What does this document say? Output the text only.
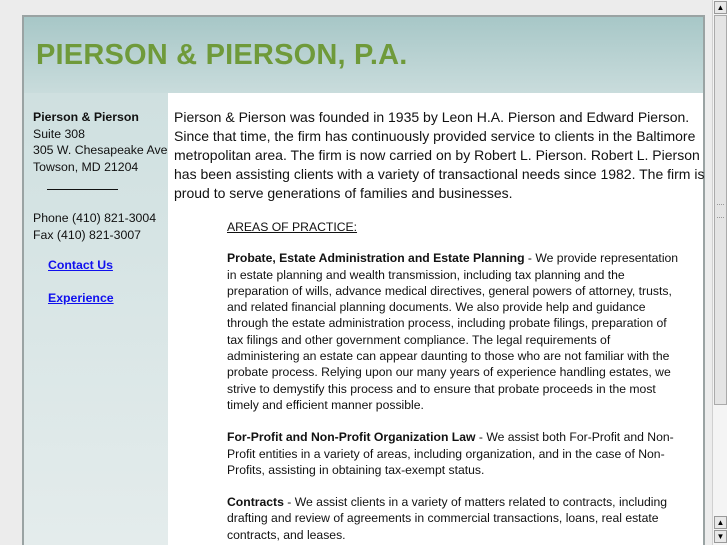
PIERSON & PIERSON, P.A.
Pierson & Pierson
Suite 308
305 W. Chesapeake Ave
Towson, MD 21204
Phone (410) 821-3004
Fax (410) 821-3007
Contact Us
Experience

Pierson & Pierson was founded in 1935 by Leon H.A. Pierson and Edward Pierson. Since that time, the firm has continuously provided service to clients in the Baltimore metropolitan area. The firm is now carried on by Robert L. Pierson. Robert L. Pierson has been assisting clients with a variety of transactional needs since 1982. The firm is proud to serve generations of families and businesses.

AREAS OF PRACTICE:

Probate, Estate Administration and Estate Planning - We provide representation in estate planning and wealth transmission, including tax planning and the preparation of wills, advance medical directives, general powers of attorney, trusts, and related financial planning documents. We also provide help and guidance through the estate administration process, including probate filings, preparation of tax filings and other government compliance. The legal requirements of administering an estate can appear daunting to those who are not familiar with the probate process. Relying upon our many years of experience handling estates, we strive to demystify this process and to ensure that probate proceeds in the most timely and efficient manner possible.

For-Profit and Non-Profit Organization Law - We assist both For-Profit and Non-Profit entities in a variety of areas, including organization, and in the case of Non-Profits, assisting in obtaining tax-exempt status.

Contracts - We assist clients in a variety of matters related to contracts, including drafting and review of agreements in commercial transactions, loans, real estate contracts, and leases.

▲
▲
▼
